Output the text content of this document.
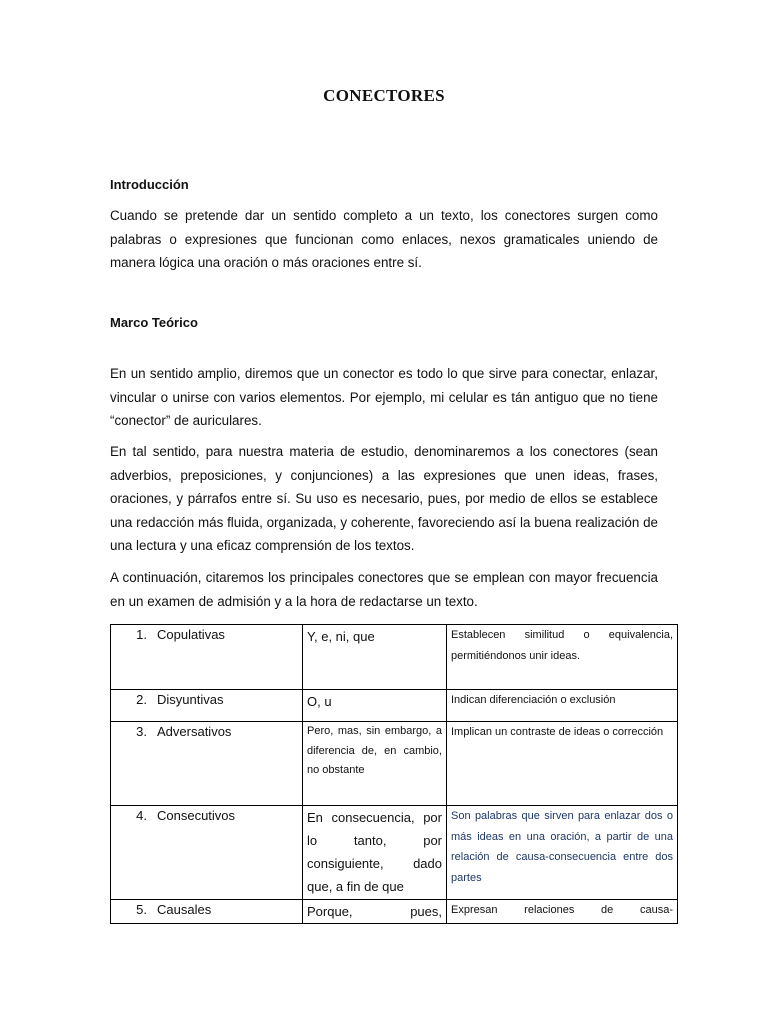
CONECTORES
Introducción
Cuando se pretende dar un sentido completo a un texto, los conectores surgen como palabras o expresiones que funcionan como enlaces, nexos gramaticales uniendo de manera lógica una oración o más oraciones entre sí.
Marco Teórico
En un sentido amplio, diremos que un conector es todo lo que sirve para conectar, enlazar, vincular o unirse con varios elementos. Por ejemplo, mi celular es tán antiguo que no tiene “conector” de auriculares.
En tal sentido, para nuestra materia de estudio, denominaremos a los conectores (sean adverbios, preposiciones, y conjunciones) a las expresiones que unen ideas, frases, oraciones, y párrafos entre sí. Su uso es necesario, pues, por medio de ellos se establece una redacción más fluida, organizada, y coherente, favoreciendo así la buena realización de una lectura y una eficaz comprensión de los textos.
A continuación, citaremos los principales conectores que se emplean con mayor frecuencia en un examen de admisión y a la hora de redactarse un texto.
1. Copulativas	Y, e, ni, que	Establecen similitud o equivalencia, permitiéndonos unir ideas.
2. Disyuntivas	O, u	Indican diferenciación o exclusión
3. Adversativos	Pero, mas, sin embargo, a diferencia de, en cambio, no obstante	Implican un contraste de ideas o corrección
4. Consecutivos	En consecuencia, por lo tanto, por consiguiente, dado que, a fin de que	Son palabras que sirven para enlazar dos o más ideas en una oración, a partir de una relación de causa-consecuencia entre dos partes
5. Causales	Porque, pues,	Expresan relaciones de causa-
